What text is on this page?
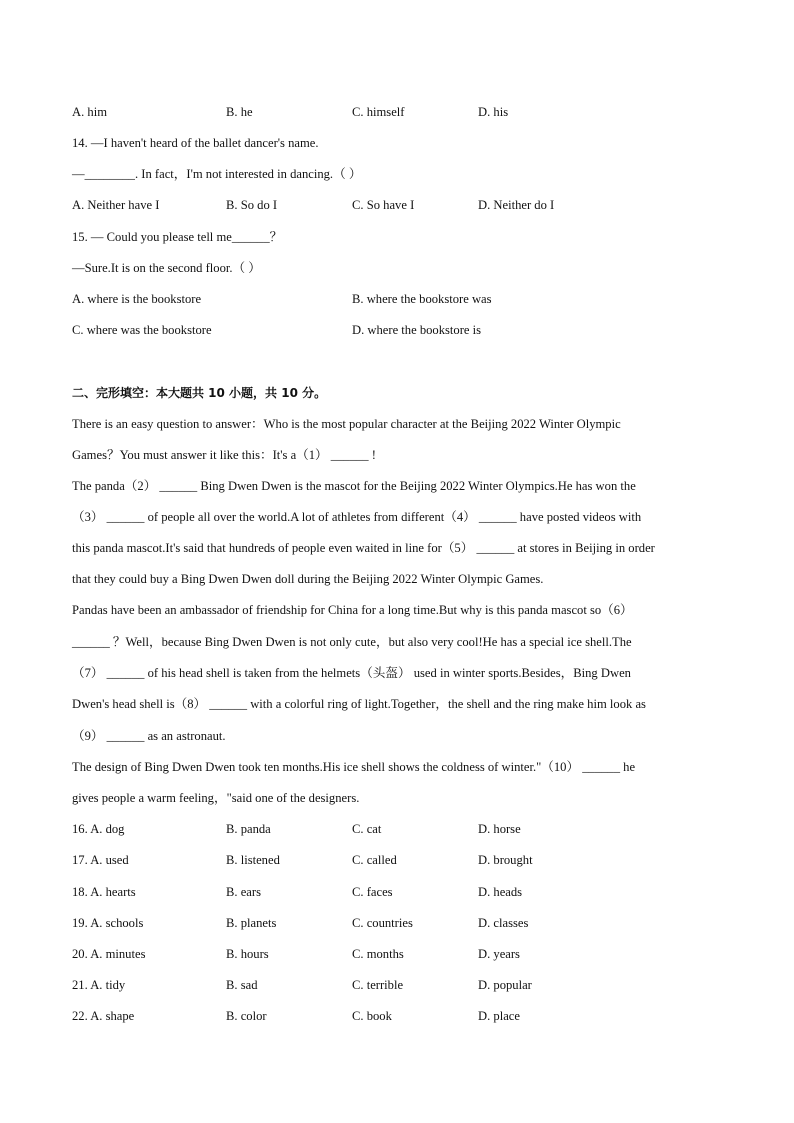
A. him	B. he	C. himself	D. his
14. —I haven't heard of the ballet dancer's name.
—________. In fact，I'm not interested in dancing.（ ）
A. Neither have I	B. So do I	C. So have I	D. Neither do I
15. — Could you please tell me______？
—Sure.It is on the second floor.（ ）
A. where is the bookstore	B. where the bookstore was
C. where was the bookstore	D. where the bookstore is
二、完形填空：本大题共 10 小题，共 10 分。
There is an easy question to answer：Who is the most popular character at the Beijing 2022 Winter Olympic
Games？You must answer it like this：It's a（1） ______ !
The panda（2） ______ Bing Dwen Dwen is the mascot for the Beijing 2022 Winter Olympics.He has won the
（3） ______ of people all over the world.A lot of athletes from different（4） ______ have posted videos with
this panda mascot.It's said that hundreds of people even waited in line for（5） ______ at stores in Beijing in order
that they could buy a Bing Dwen Dwen doll during the Beijing 2022 Winter Olympic Games.
Pandas have been an ambassador of friendship for China for a long time.But why is this panda mascot so（6）
______ ？Well，because Bing Dwen Dwen is not only cute，but also very cool!He has a special ice shell.The
（7） ______ of his head shell is taken from the helmets（头盔） used in winter sports.Besides，Bing Dwen
Dwen's head shell is（8） ______ with a colorful ring of light.Together，the shell and the ring make him look as
（9） ______ as an astronaut.
The design of Bing Dwen Dwen took ten months.His ice shell shows the coldness of winter."（10） ______ he
gives people a warm feeling，"said one of the designers.
16. A. dog	B. panda	C. cat	D. horse
17. A. used	B. listened	C. called	D. brought
18. A. hearts	B. ears	C. faces	D. heads
19. A. schools	B. planets	C. countries	D. classes
20. A. minutes	B. hours	C. months	D. years
21. A. tidy	B. sad	C. terrible	D. popular
22. A. shape	B. color	C. book	D. place
